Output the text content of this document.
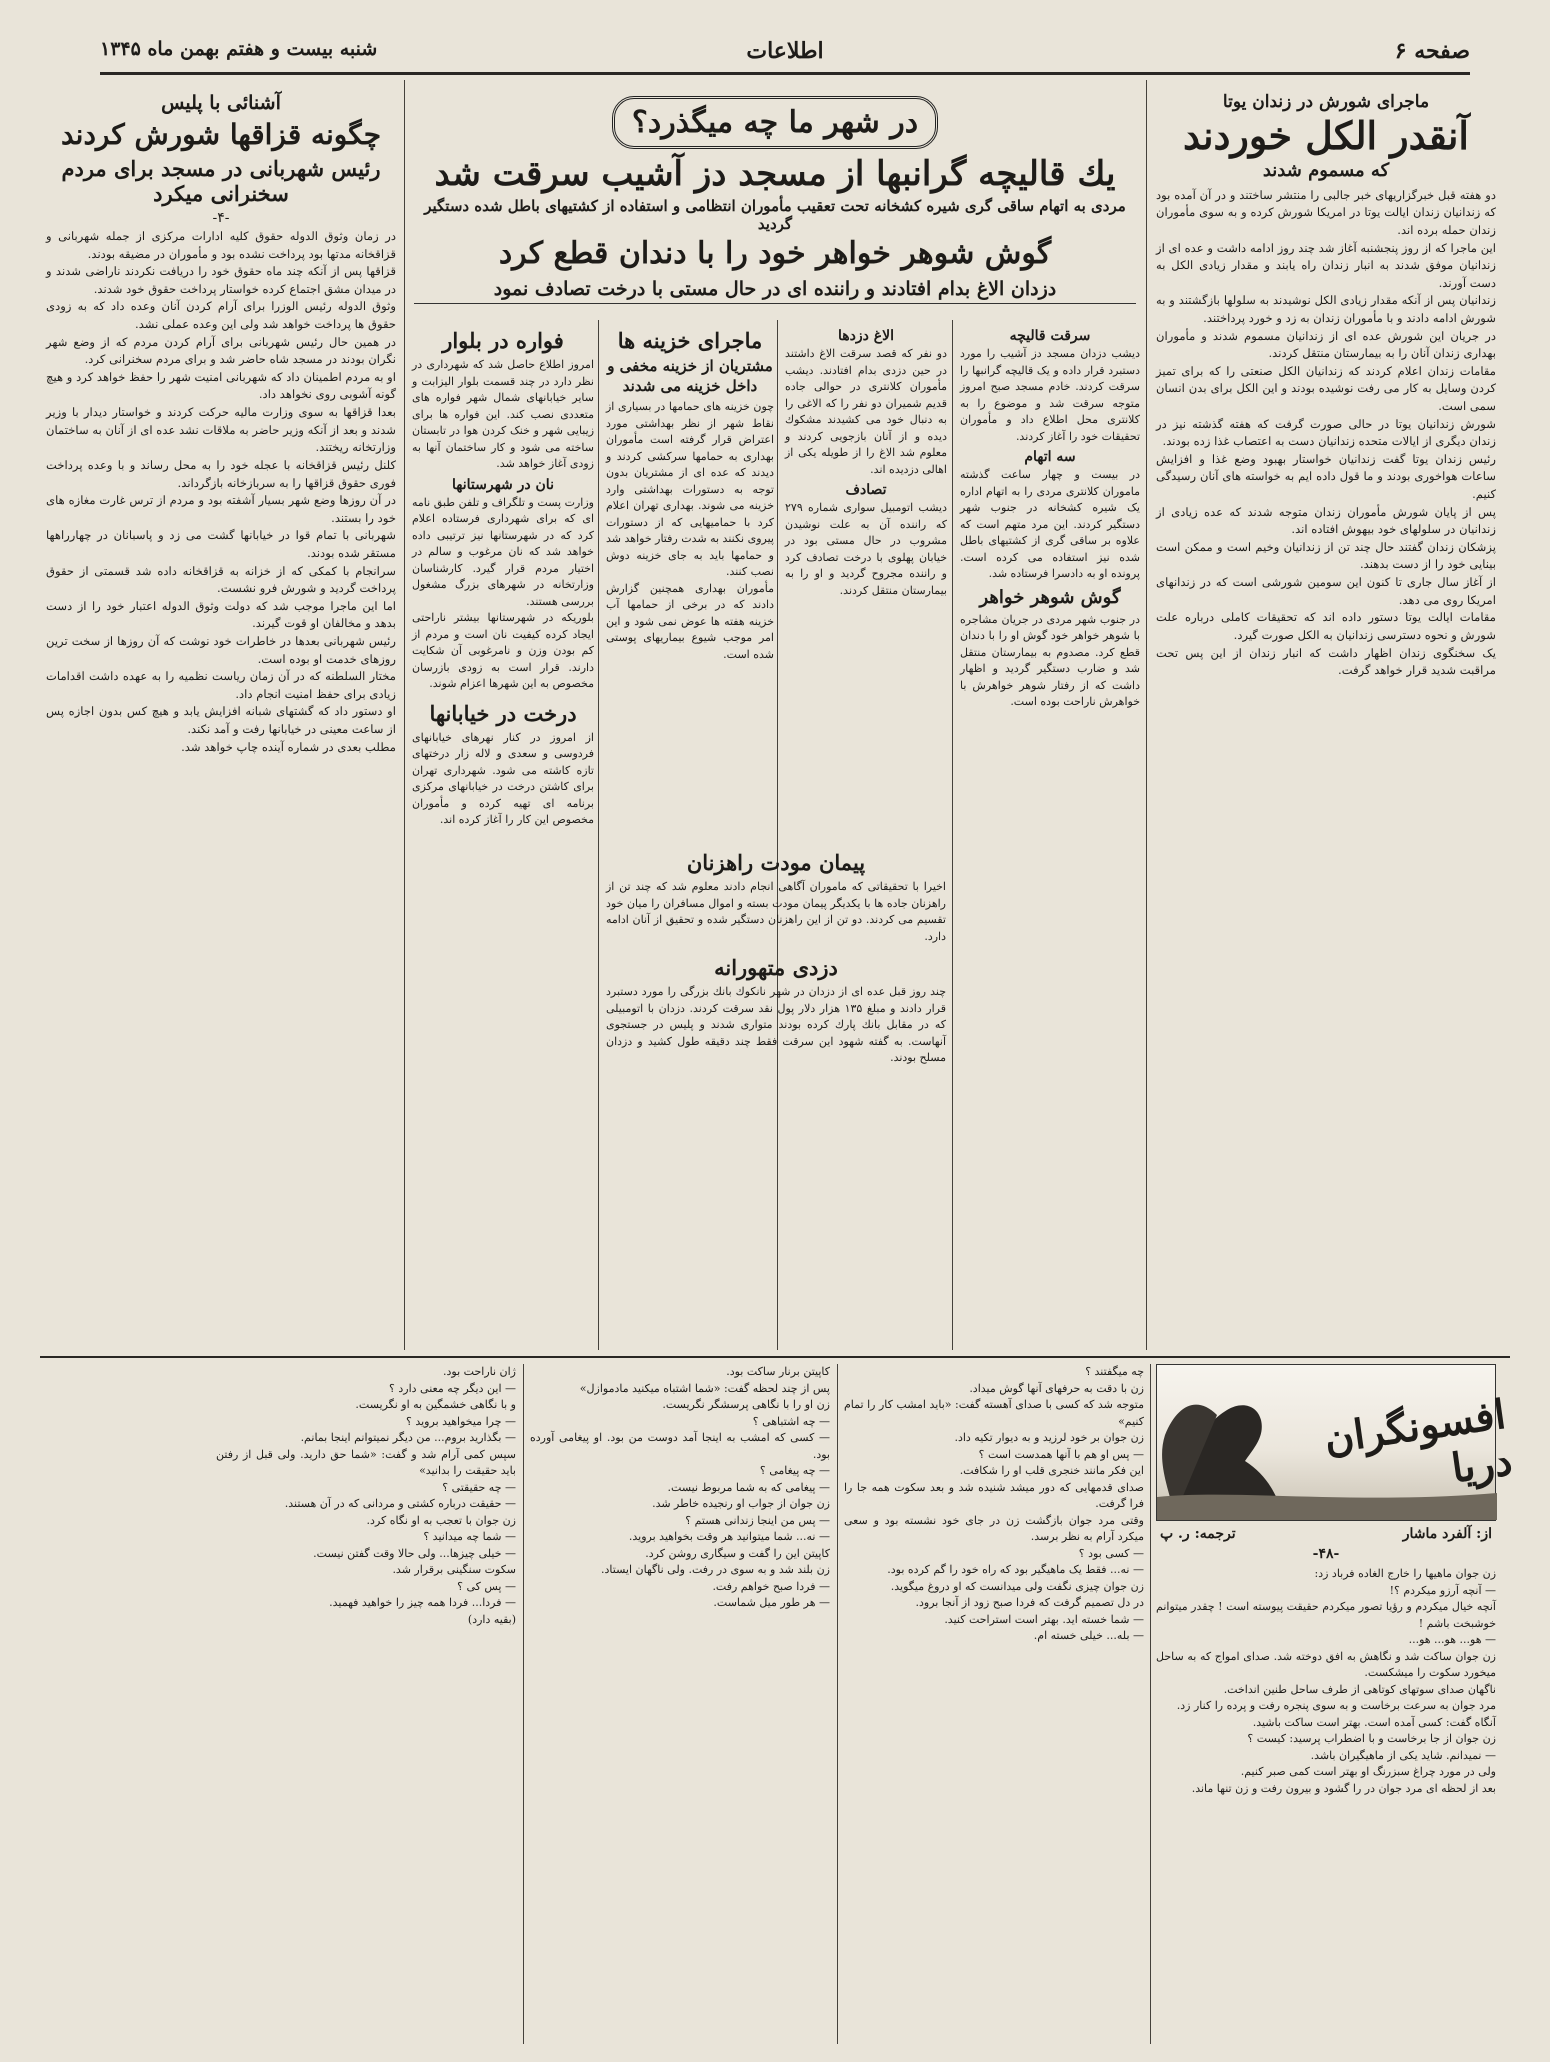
صفحه ۶
اطلاعات
شنبه بیست و هفتم بهمن ماه ۱۳۴۵
ماجرای شورش در زندان یوتا
آنقدر الکل خوردند
که مسموم شدند

دو هفته قبل خبرگزاریهای خبر جالبی را منتشر ساختند و در آن آمده بود که زندانیان زندان ایالت یوتا در امریکا شورش کرده و به سوی مأموران زندان حمله برده اند.

این ماجرا که از روز پنجشنبه آغاز شد چند روز ادامه داشت و عده ای از زندانیان موفق شدند به انبار زندان راه یابند و مقدار زیادی الکل به دست آورند.

زندانیان پس از آنکه مقدار زیادی الکل نوشیدند به سلولها بازگشتند و به شورش ادامه دادند و با مأموران زندان به زد و خورد پرداختند.

در جریان این شورش عده ای از زندانیان مسموم شدند و مأموران بهداری زندان آنان را به بیمارستان منتقل کردند.

مقامات زندان اعلام کردند که زندانیان الکل صنعتی را که برای تمیز کردن وسایل به کار می رفت نوشیده بودند و این الکل برای بدن انسان سمی است.

شورش زندانیان یوتا در حالی صورت گرفت که هفته گذشته نیز در زندان دیگری از ایالات متحده زندانیان دست به اعتصاب غذا زده بودند.

رئیس زندان یوتا گفت زندانیان خواستار بهبود وضع غذا و افزایش ساعات هواخوری بودند و ما قول داده ایم به خواسته های آنان رسیدگی کنیم.

پس از پایان شورش مأموران زندان متوجه شدند که عده زیادی از زندانیان در سلولهای خود بیهوش افتاده اند.

پزشکان زندان گفتند حال چند تن از زندانیان وخیم است و ممکن است بینایی خود را از دست بدهند.

از آغاز سال جاری تا کنون این سومین شورشی است که در زندانهای امریکا روی می دهد.

مقامات ایالت یوتا دستور داده اند که تحقیقات کاملی درباره علت شورش و نحوه دسترسی زندانیان به الکل صورت گیرد.

یک سخنگوی زندان اظهار داشت که انبار زندان از این پس تحت مراقبت شدید قرار خواهد گرفت.

در شهر ما چه میگذرد؟
یك قالیچه گرانبها از مسجد دز آشیب سرقت شد
مردی به اتهام ساقی گری شیره کشخانه تحت تعقیب مأموران انتظامی و استفاده از کشتیهای باطل شده دستگیر گردید
گوش شوهر خواهر خود را با دندان قطع کرد
دزدان الاغ بدام افتادند و راننده ای در حال مستی با درخت تصادف نمود
سرقت قالیچه

دیشب دزدان مسجد دز آشیب را مورد دستبرد قرار داده و یک قالیچه گرانبها را سرقت کردند. خادم مسجد صبح امروز متوجه سرقت شد و موضوع را به کلانتری محل اطلاع داد و مأموران تحقیقات خود را آغاز کردند.

سه اتهام

در بیست و چهار ساعت گذشته ماموران کلانتری مردی را به اتهام اداره یک شیره کشخانه در جنوب شهر دستگیر کردند. این مرد متهم است که علاوه بر ساقی گری از کشتیهای باطل شده نیز استفاده می کرده است. پرونده او به دادسرا فرستاده شد.

گوش شوهر خواهر

در جنوب شهر مردی در جریان مشاجره با شوهر خواهر خود گوش او را با دندان قطع کرد. مصدوم به بیمارستان منتقل شد و ضارب دستگیر گردید و اظهار داشت که از رفتار شوهر خواهرش با خواهرش ناراحت بوده است.

الاغ دزدها

دو نفر که قصد سرقت الاغ داشتند در حین دزدی بدام افتادند. دیشب مأموران کلانتری در حوالی جاده قدیم شمیران دو نفر را که الاغی را به دنبال خود می کشیدند مشکوك دیده و از آنان بازجویی کردند و معلوم شد الاغ را از طویله یکی از اهالی دزدیده اند.

تصادف

دیشب اتومبیل سواری شماره ۲۷۹ که راننده آن به علت نوشیدن مشروب در حال مستی بود در خیابان پهلوی با درخت تصادف کرد و راننده مجروح گردید و او را به بیمارستان منتقل کردند.

ماجرای خزینه ها
مشتریان از خزینه مخفی و داخل خزینه می شدند

چون خزینه های حمامها در بسیاری از نقاط شهر از نظر بهداشتی مورد اعتراض قرار گرفته است مأموران بهداری به حمامها سرکشی کردند و دیدند که عده ای از مشتریان بدون توجه به دستورات بهداشتی وارد خزینه می شوند. بهداری تهران اعلام کرد با حمامیهایی که از دستورات پیروی نکنند به شدت رفتار خواهد شد و حمامها باید به جای خزینه دوش نصب کنند.

مأموران بهداری همچنین گزارش دادند که در برخی از حمامها آب خزینه هفته ها عوض نمی شود و این امر موجب شیوع بیماریهای پوستی شده است.

پیمان مودت راهزنان

اخیرا با تحقیقاتی که ماموران آگاهی انجام دادند معلوم شد که چند تن از راهزنان جاده ها با یکدیگر پیمان مودت بسته و اموال مسافران را میان خود تقسیم می کردند. دو تن از این راهزنان دستگیر شده و تحقیق از آنان ادامه دارد.

دزدی متهورانه

چند روز قبل عده ای از دزدان در شهر نانکوك بانك بزرگی را مورد دستبرد قرار دادند و مبلغ ۱۳۵ هزار دلار پول نقد سرقت کردند. دزدان با اتومبیلی که در مقابل بانك پارك کرده بودند متواری شدند و پلیس در جستجوی آنهاست. به گفته شهود این سرقت فقط چند دقیقه طول کشید و دزدان مسلح بودند.

فواره در بلوار

امروز اطلاع حاصل شد که شهرداری در نظر دارد در چند قسمت بلوار الیزابت و سایر خیابانهای شمال شهر فواره های متعددی نصب کند. این فواره ها برای زیبایی شهر و خنک کردن هوا در تابستان ساخته می شود و کار ساختمان آنها به زودی آغاز خواهد شد.

نان در شهرستانها

وزارت پست و تلگراف و تلفن طبق نامه ای که برای شهرداری فرستاده اعلام کرد که در شهرستانها نیز ترتیبی داده خواهد شد که نان مرغوب و سالم در اختیار مردم قرار گیرد. کارشناسان وزارتخانه در شهرهای بزرگ مشغول بررسی هستند.

بلوریکه در شهرستانها بیشتر ناراحتی ایجاد کرده کیفیت نان است و مردم از کم بودن وزن و نامرغوبی آن شکایت دارند. قرار است به زودی بازرسان مخصوص به این شهرها اعزام شوند.

درخت در خیابانها

از امروز در کنار نهرهای خیابانهای فردوسی و سعدی و لاله زار درختهای تازه کاشته می شود. شهرداری تهران برای کاشتن درخت در خیابانهای مرکزی برنامه ای تهیه کرده و مأموران مخصوص این کار را آغاز کرده اند.

آشنائی با پلیس
چگونه قزاقها شورش کردند
رئیس شهربانی در مسجد برای مردم سخنرانی میکرد
-۴-

در زمان وثوق الدوله حقوق کلیه ادارات مرکزی از جمله شهربانی و قزاقخانه مدتها بود پرداخت نشده بود و مأموران در مضیقه بودند.

قزاقها پس از آنکه چند ماه حقوق خود را دریافت نکردند ناراضی شدند و در میدان مشق اجتماع کرده خواستار پرداخت حقوق خود شدند.

وثوق الدوله رئیس الوزرا برای آرام کردن آنان وعده داد که به زودی حقوق ها پرداخت خواهد شد ولی این وعده عملی نشد.

در همین حال رئیس شهربانی برای آرام کردن مردم که از وضع شهر نگران بودند در مسجد شاه حاضر شد و برای مردم سخنرانی کرد.

او به مردم اطمینان داد که شهربانی امنیت شهر را حفظ خواهد کرد و هیچ گونه آشوبی روی نخواهد داد.

بعدا قزاقها به سوی وزارت مالیه حرکت کردند و خواستار دیدار با وزیر شدند و بعد از آنکه وزیر حاضر به ملاقات نشد عده ای از آنان به ساختمان وزارتخانه ریختند.

کلنل رئیس قزاقخانه با عجله خود را به محل رساند و با وعده پرداخت فوری حقوق قزاقها را به سربازخانه بازگرداند.

در آن روزها وضع شهر بسیار آشفته بود و مردم از ترس غارت مغازه های خود را بستند.

شهربانی با تمام قوا در خیابانها گشت می زد و پاسبانان در چهارراهها مستقر شده بودند.

سرانجام با کمکی که از خزانه به قزاقخانه داده شد قسمتی از حقوق پرداخت گردید و شورش فرو نشست.

اما این ماجرا موجب شد که دولت وثوق الدوله اعتبار خود را از دست بدهد و مخالفان او قوت گیرند.

رئیس شهربانی بعدها در خاطرات خود نوشت که آن روزها از سخت ترین روزهای خدمت او بوده است.

مختار السلطنه که در آن زمان ریاست نظمیه را به عهده داشت اقدامات زیادی برای حفظ امنیت انجام داد.

او دستور داد که گشتهای شبانه افزایش یابد و هیچ کس بدون اجازه پس از ساعت معینی در خیابانها رفت و آمد نکند.

مطلب بعدی در شماره آینده چاپ خواهد شد.

افسونگران دریا
از: آلفرد ماشار
ترجمه: ر. پ
-۴۸-

زن جوان ماهیها را خارج الغاده فرباد زد:

— آنچه آرزو میکردم ؟!

آنچه خیال میکردم و رؤیا تصور میکردم حقیقت پیوسته است ! چقدر میتوانم خوشبخت باشم !

— هو... هو... هو...

زن جوان ساکت شد و نگاهش به افق دوخته شد. صدای امواج که به ساحل میخورد سکوت را میشکست.

ناگهان صدای سوتهای کوتاهی از طرف ساحل طنین انداخت.

مرد جوان به سرعت برخاست و به سوی پنجره رفت و پرده را کنار زد.

آنگاه گفت: کسی آمده است. بهتر است ساکت باشید.

زن جوان از جا برخاست و با اضطراب پرسید: کیست ؟

— نمیدانم. شاید یکی از ماهیگیران باشد.

ولی در مورد چراغ سبزرنگ او بهتر است کمی صبر کنیم.

بعد از لحظه ای مرد جوان در را گشود و بیرون رفت و زن تنها ماند.

چه میگفتند ؟

زن با دقت به حرفهای آنها گوش میداد.

متوجه شد که کسی با صدای آهسته گفت: «باید امشب کار را تمام کنیم»

زن جوان بر خود لرزید و به دیوار تکیه داد.

— پس او هم با آنها همدست است ؟

این فکر مانند خنجری قلب او را شکافت.

صدای قدمهایی که دور میشد شنیده شد و بعد سکوت همه جا را فرا گرفت.

وقتی مرد جوان بازگشت زن در جای خود نشسته بود و سعی میکرد آرام به نظر برسد.

— کسی بود ؟

— نه... فقط یک ماهیگیر بود که راه خود را گم کرده بود.

زن جوان چیزی نگفت ولی میدانست که او دروغ میگوید.

در دل تصمیم گرفت که فردا صبح زود از آنجا برود.

— شما خسته اید. بهتر است استراحت کنید.

— بله... خیلی خسته ام.

کاپیتن برنار ساکت بود.

پس از چند لحظه گفت: «شما اشتباه میکنید مادموازل»

زن او را با نگاهی پرسشگر نگریست.

— چه اشتباهی ؟

— کسی که امشب به اینجا آمد دوست من بود. او پیغامی آورده بود.

— چه پیغامی ؟

— پیغامی که به شما مربوط نیست.

زن جوان از جواب او رنجیده خاطر شد.

— پس من اینجا زندانی هستم ؟

— نه... شما میتوانید هر وقت بخواهید بروید.

کاپیتن این را گفت و سیگاری روشن کرد.

زن بلند شد و به سوی در رفت. ولی ناگهان ایستاد.

— فردا صبح خواهم رفت.

— هر طور میل شماست.

ژان ناراحت بود.

— این دیگر چه معنی دارد ؟

و با نگاهی خشمگین به او نگریست.

— چرا میخواهید بروید ؟

— بگذارید بروم... من دیگر نمیتوانم اینجا بمانم.

سپس کمی آرام شد و گفت: «شما حق دارید. ولی قبل از رفتن باید حقیقت را بدانید»

— چه حقیقتی ؟

— حقیقت درباره کشتی و مردانی که در آن هستند.

زن جوان با تعجب به او نگاه کرد.

— شما چه میدانید ؟

— خیلی چیزها... ولی حالا وقت گفتن نیست.

سکوت سنگینی برقرار شد.

— پس کی ؟

— فردا... فردا همه چیز را خواهید فهمید.

(بقیه دارد)
